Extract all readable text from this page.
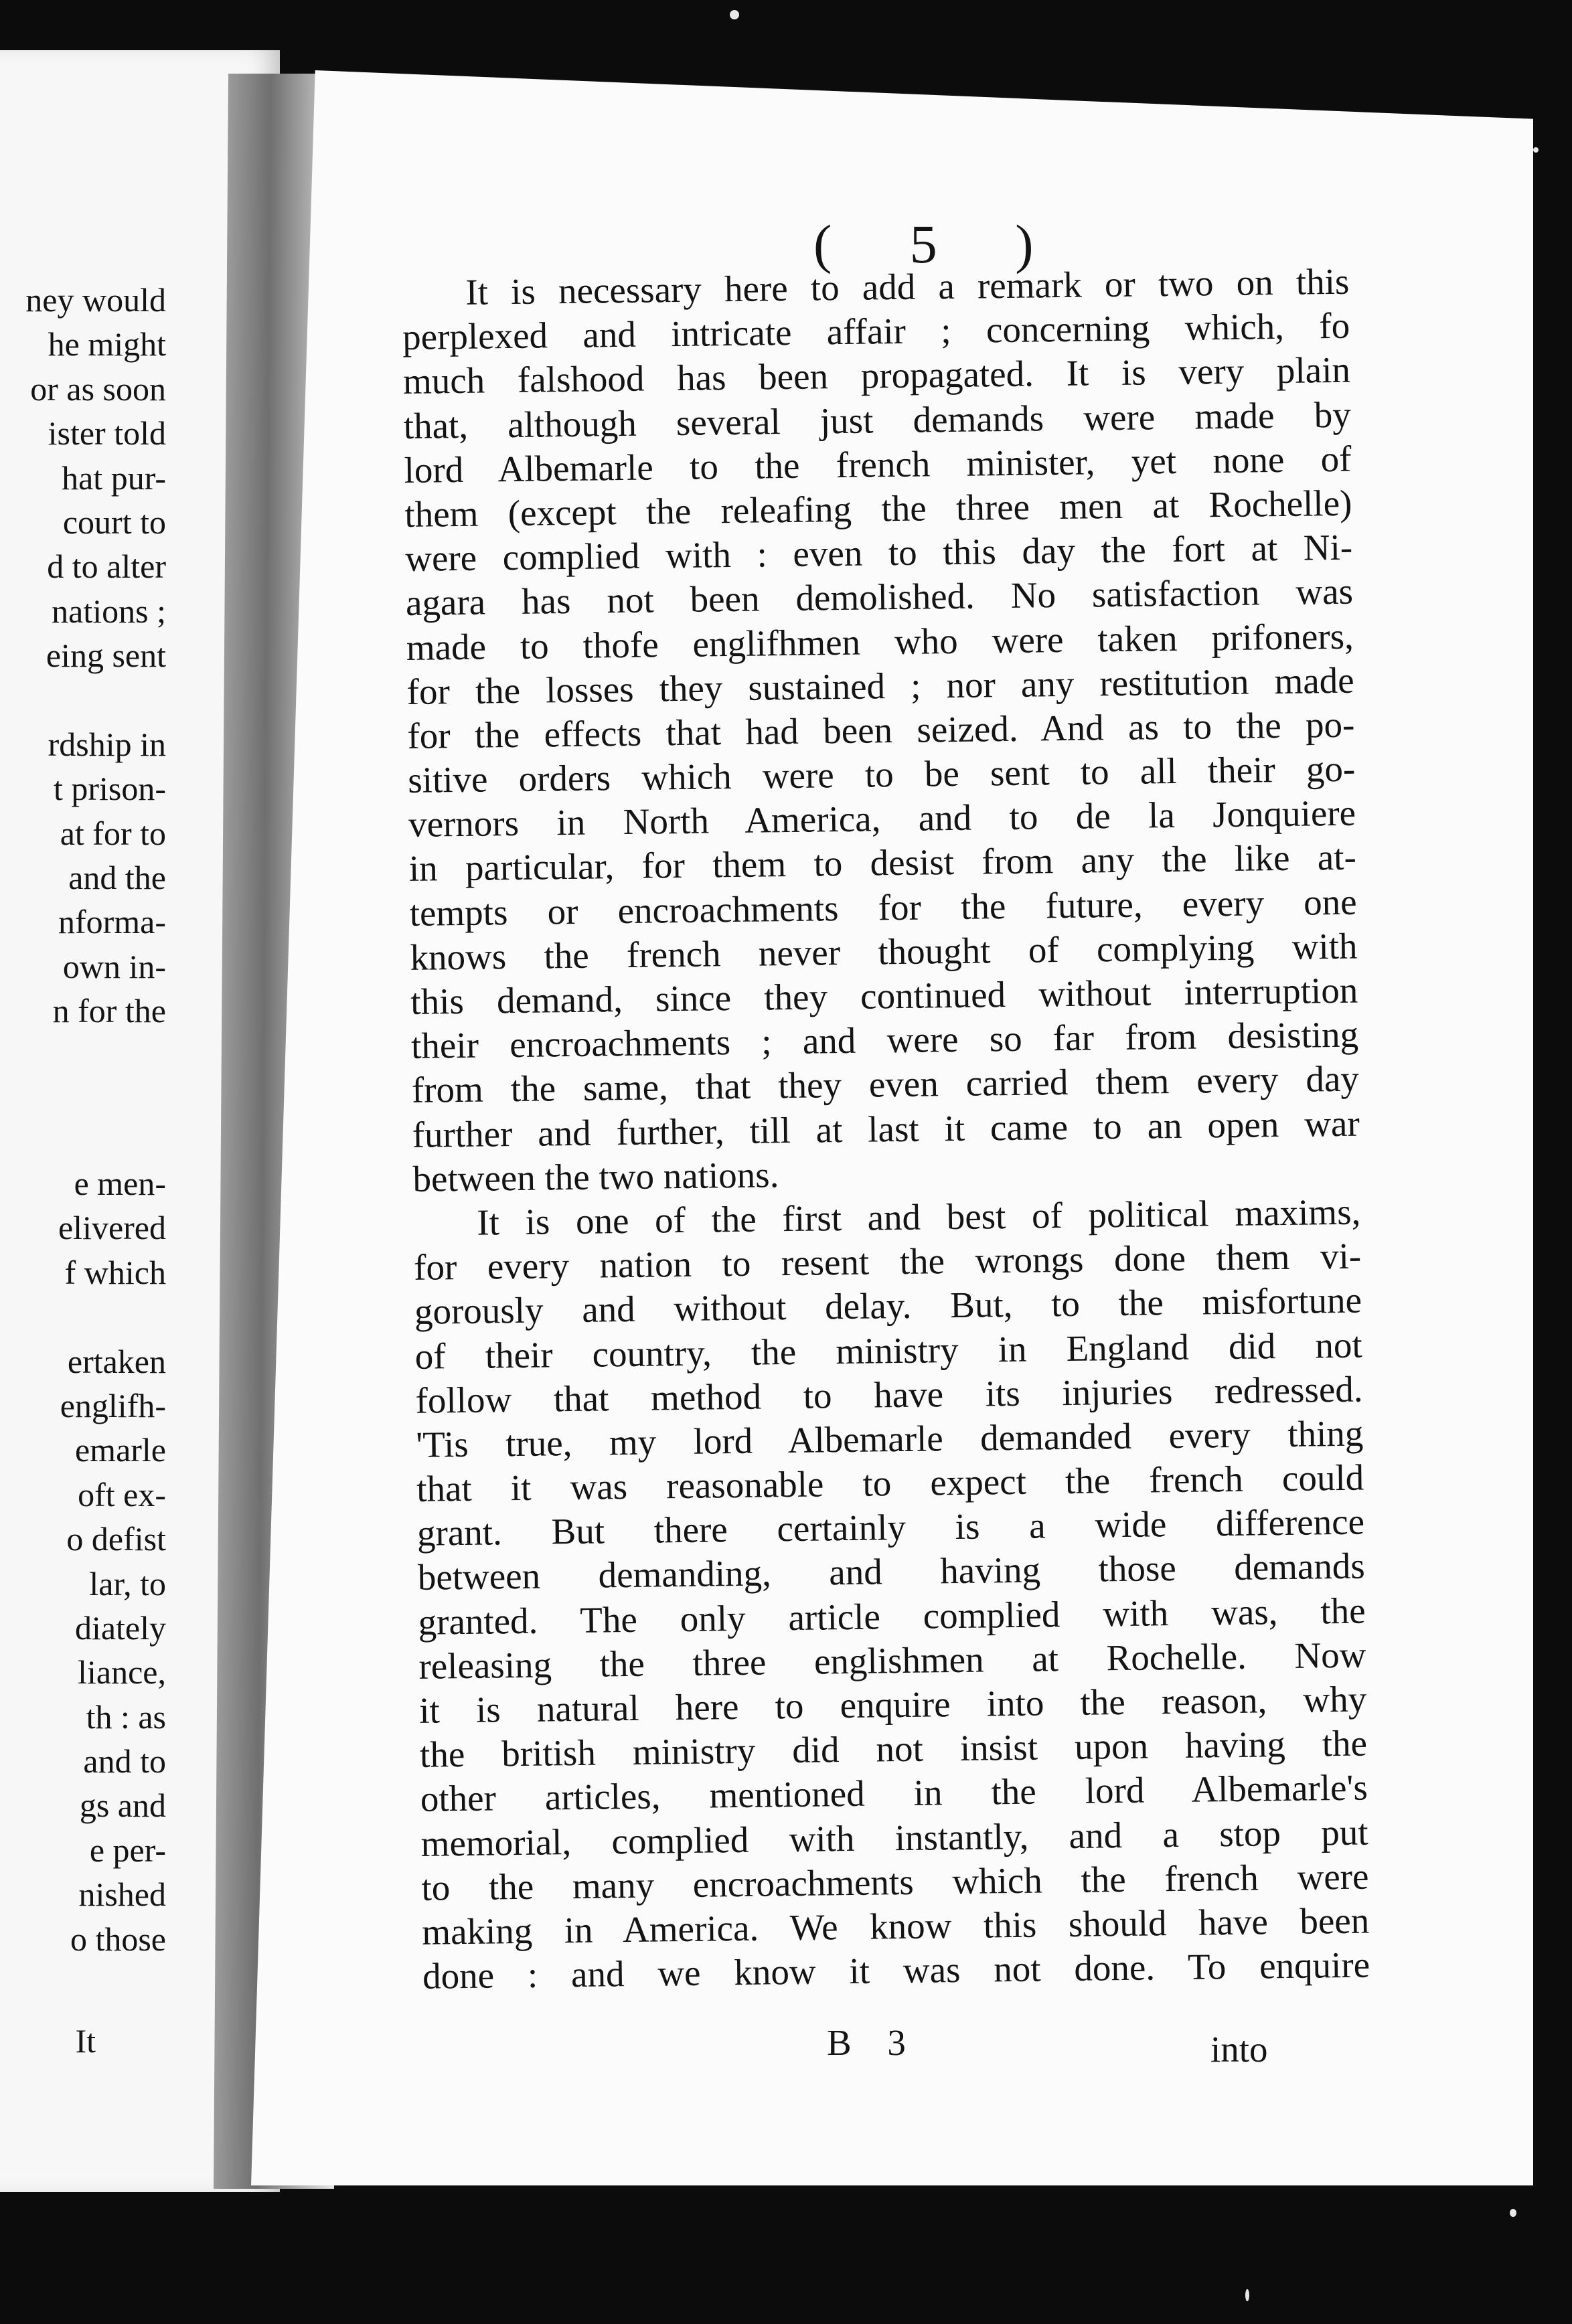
ney would
he might
or as soon
ister told
hat pur-
court to
d to alter
nations ;
eing sent
rdship in
t prison-
at for to
and the
nforma-
own in-
n for the
e men-
elivered
f which
ertaken
englifh-
emarle
oft ex-
o defist
lar, to
diately
liance,
th : as
and to
gs and
e per-
nished
o those
It
( 5 )
It is necessary here to add a remark or two on this
perplexed and intricate affair ; concerning which, fo
much falshood has been propagated. It is very plain
that, although several just demands were made by
lord Albemarle to the french minister, yet none of
them (except the releafing the three men at Rochelle)
were complied with : even to this day the fort at Ni-
agara has not been demolished. No satisfaction was
made to thofe englifhmen who were taken prifoners,
for the losses they sustained ; nor any restitution made
for the effects that had been seized. And as to the po-
sitive orders which were to be sent to all their go-
vernors in North America, and to de la Jonquiere
in particular, for them to desist from any the like at-
tempts or encroachments for the future, every one
knows the french never thought of complying with
this demand, since they continued without interruption
their encroachments ; and were so far from desisting
from the same, that they even carried them every day
further and further, till at last it came to an open war
between the two nations.
It is one of the first and best of political maxims,
for every nation to resent the wrongs done them vi-
gorously and without delay. But, to the misfortune
of their country, the ministry in England did not
follow that method to have its injuries redressed.
'Tis true, my lord Albemarle demanded every thing
that it was reasonable to expect the french could
grant. But there certainly is a wide difference
between demanding, and having those demands
granted. The only article complied with was, the
releasing the three englishmen at Rochelle. Now
it is natural here to enquire into the reason, why
the british ministry did not insist upon having the
other articles, mentioned in the lord Albemarle's
memorial, complied with instantly, and a stop put
to the many encroachments which the french were
making in America. We know this should have been
done : and we know it was not done. To enquire
B 3	into
